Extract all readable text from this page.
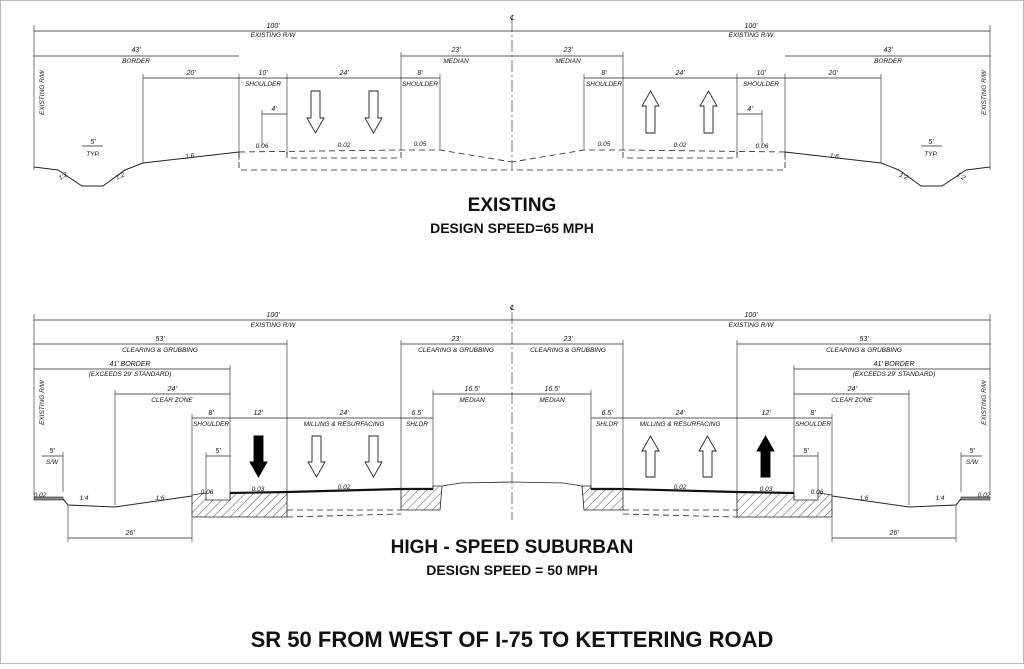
℄
100'
EXISTING R/W
43'
BORDER
20'	10'
SHOULDER
24'	8'
SHOULDER
23'
MEDIAN
4'
5'
TYP.
EXISTING R/W
1:2	1:2
1:6
0.06	0.02	0.05
100'
EXISTING R/W
43'
BORDER
20'
10'
SHOULDER
24'
8'
SHOULDER
23'
MEDIAN
4'
5'
TYP.
EXISTING R/W
1:2
1:2
1:6
0.06
0.02
0.05
EXISTING
DESIGN SPEED=65 MPH
℄
100'
EXISTING R/W
53'
CLEARING & GRUBBING
41' BORDER
(EXCEEDS 29' STANDARD)
24'
CLEAR ZONE
8'
SHOULDER
12'	24'
MILLING & RESURFACING
6.5'
SHLDR
23'
CLEARING & GRUBBING
16.5'
MEDIAN
5'
S/W
5'
EXISTING R/W
26'
0.02	1:4	1:6
0.06	0.03	0.02
100'
EXISTING R/W
53'
CLEARING & GRUBBING
41' BORDER
(EXCEEDS 29' STANDARD)
24'
CLEAR ZONE
8'
SHOULDER
12'
24'
MILLING & RESURFACING
6.5'
SHLDR
23'
CLEARING & GRUBBING
16.5'
MEDIAN
5'
S/W
5'
EXISTING R/W
26'
0.02
1:4
1:6
0.06
0.03
0.02
HIGH - SPEED SUBURBAN
DESIGN SPEED = 50 MPH
SR 50 FROM WEST OF I-75 TO KETTERING ROAD
